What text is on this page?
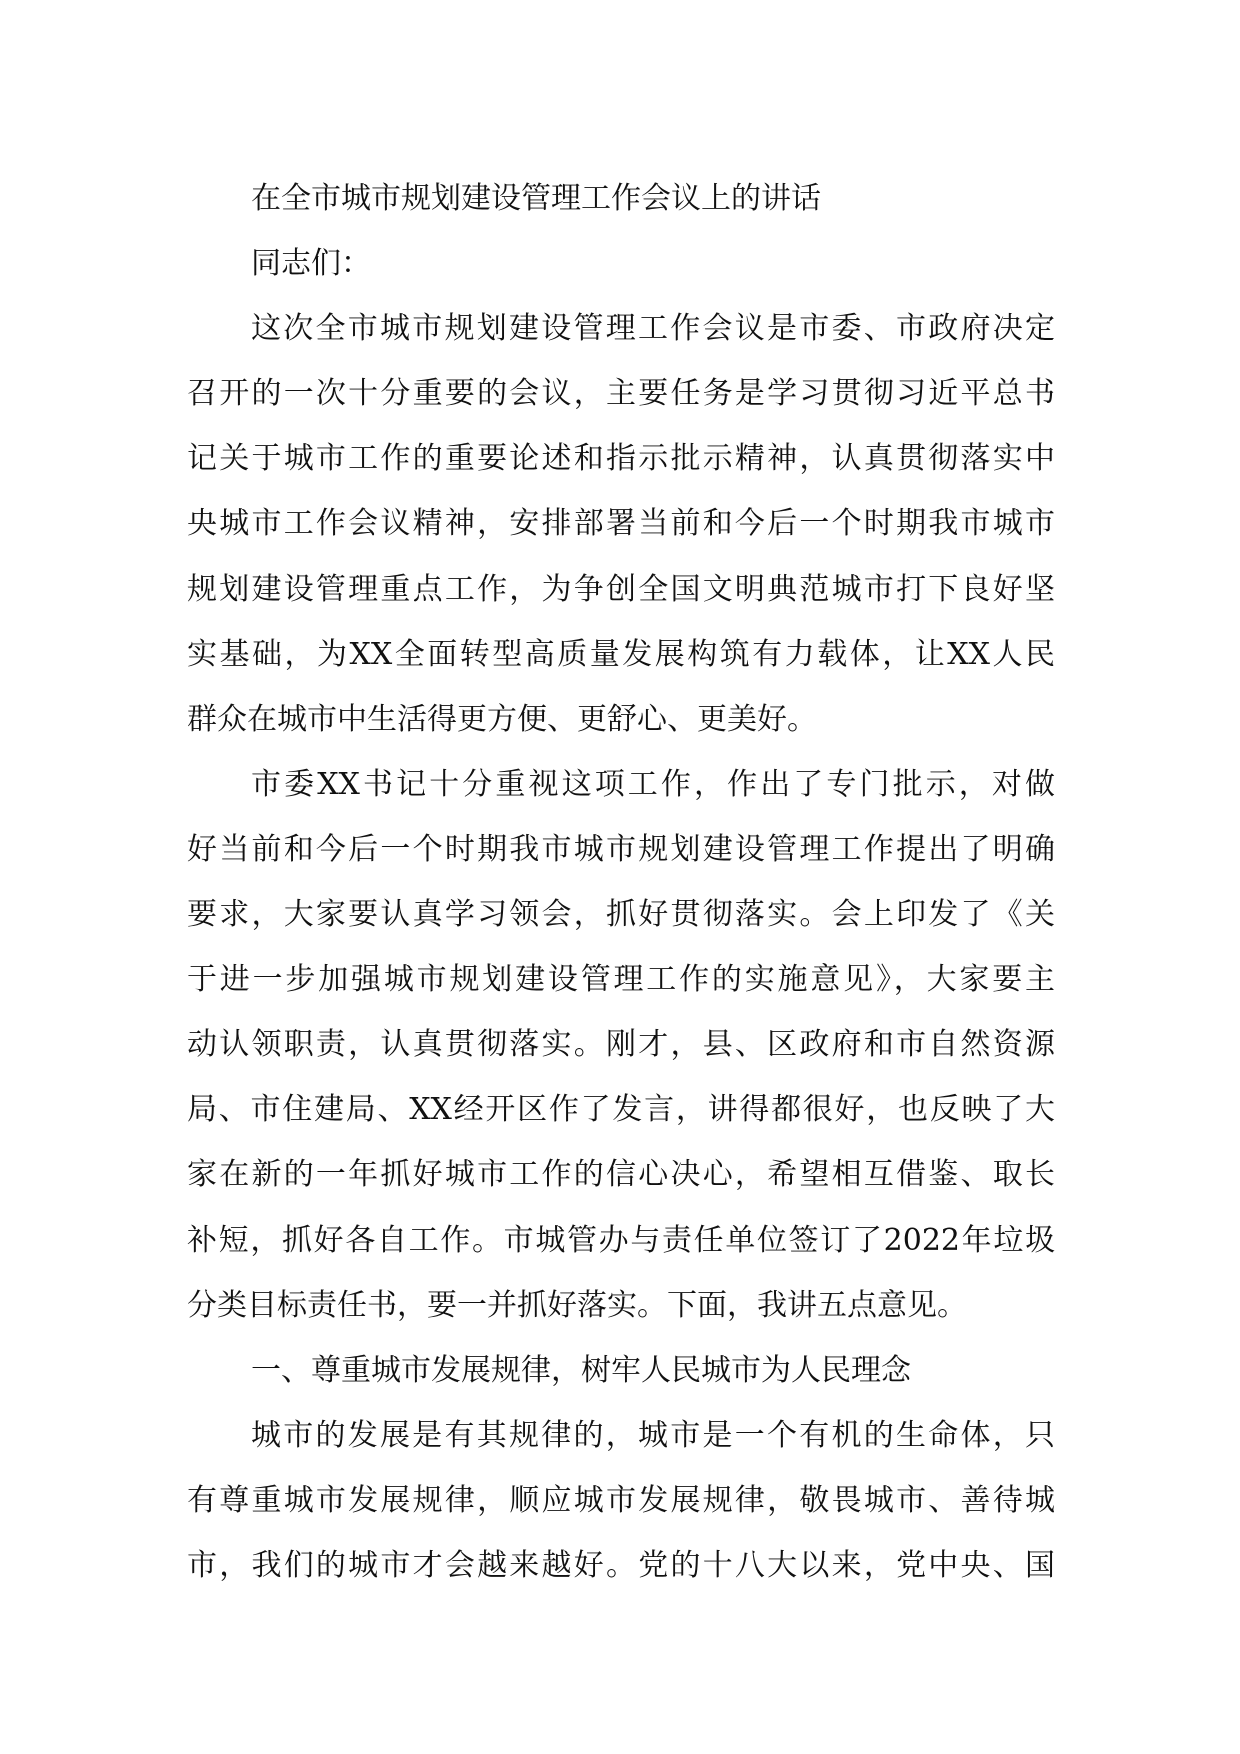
在全市城市规划建设管理工作会议上的讲话
同志们：
这次全市城市规划建设管理工作会议是市委、市政府决定
召开的一次十分重要的会议，主要任务是学习贯彻习近平总书
记关于城市工作的重要论述和指示批示精神，认真贯彻落实中
央城市工作会议精神，安排部署当前和今后一个时期我市城市
规划建设管理重点工作，为争创全国文明典范城市打下良好坚
实基础，为XX全面转型高质量发展构筑有力载体，让XX人民
群众在城市中生活得更方便、更舒心、更美好。
市委XX书记十分重视这项工作，作出了专门批示，对做
好当前和今后一个时期我市城市规划建设管理工作提出了明确
要求，大家要认真学习领会，抓好贯彻落实。会上印发了《关
于进一步加强城市规划建设管理工作的实施意见》，大家要主
动认领职责，认真贯彻落实。刚才，县、区政府和市自然资源
局、市住建局、XX经开区作了发言，讲得都很好，也反映了大
家在新的一年抓好城市工作的信心决心，希望相互借鉴、取长
补短，抓好各自工作。市城管办与责任单位签订了2022年垃圾
分类目标责任书，要一并抓好落实。下面，我讲五点意见。
一、尊重城市发展规律，树牢人民城市为人民理念
城市的发展是有其规律的，城市是一个有机的生命体，只
有尊重城市发展规律，顺应城市发展规律，敬畏城市、善待城
市，我们的城市才会越来越好。党的十八大以来，党中央、国
